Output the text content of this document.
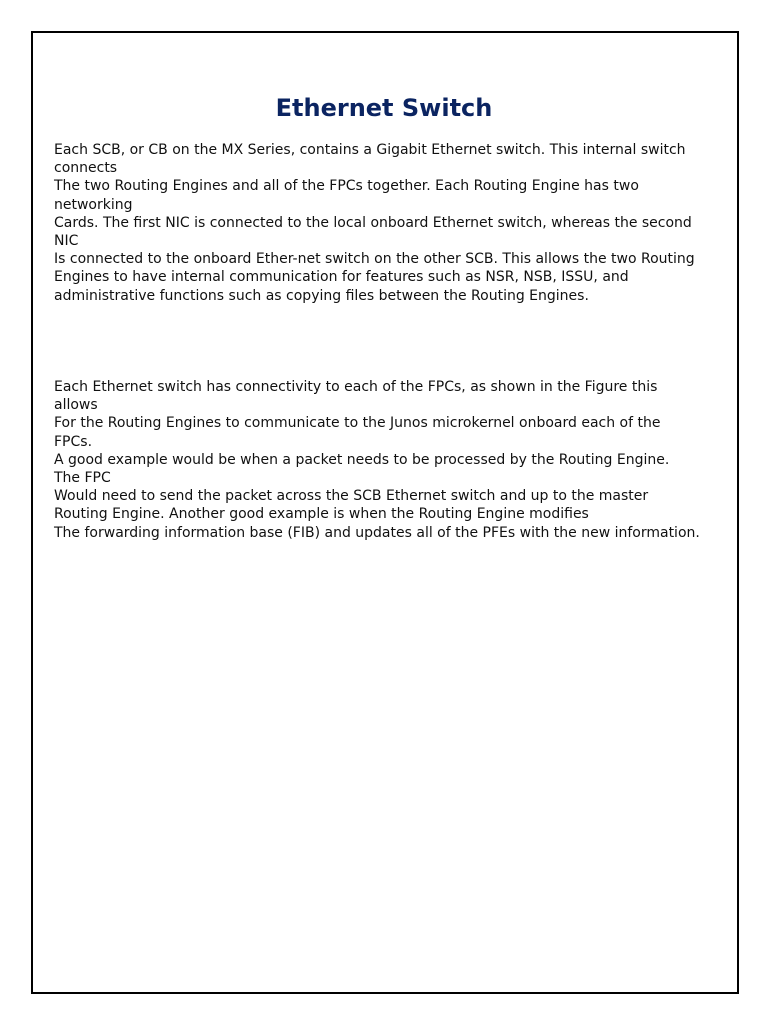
Ethernet Switch
Each SCB, or CB on the MX Series, contains a Gigabit Ethernet switch. This internal switch
connects
The two Routing Engines and all of the FPCs together. Each Routing Engine has two
networking
Cards. The first NIC is connected to the local onboard Ethernet switch, whereas the second
NIC
Is connected to the onboard Ether-net switch on the other SCB. This allows the two Routing
Engines to have internal communication for features such as NSR, NSB, ISSU, and
administrative functions such as copying files between the Routing Engines.
Each Ethernet switch has connectivity to each of the FPCs, as shown in the Figure this
allows
For the Routing Engines to communicate to the Junos microkernel onboard each of the
FPCs.
A good example would be when a packet needs to be processed by the Routing Engine.
The FPC
Would need to send the packet across the SCB Ethernet switch and up to the master
Routing Engine. Another good example is when the Routing Engine modifies
The forwarding information base (FIB) and updates all of the PFEs with the new information.
